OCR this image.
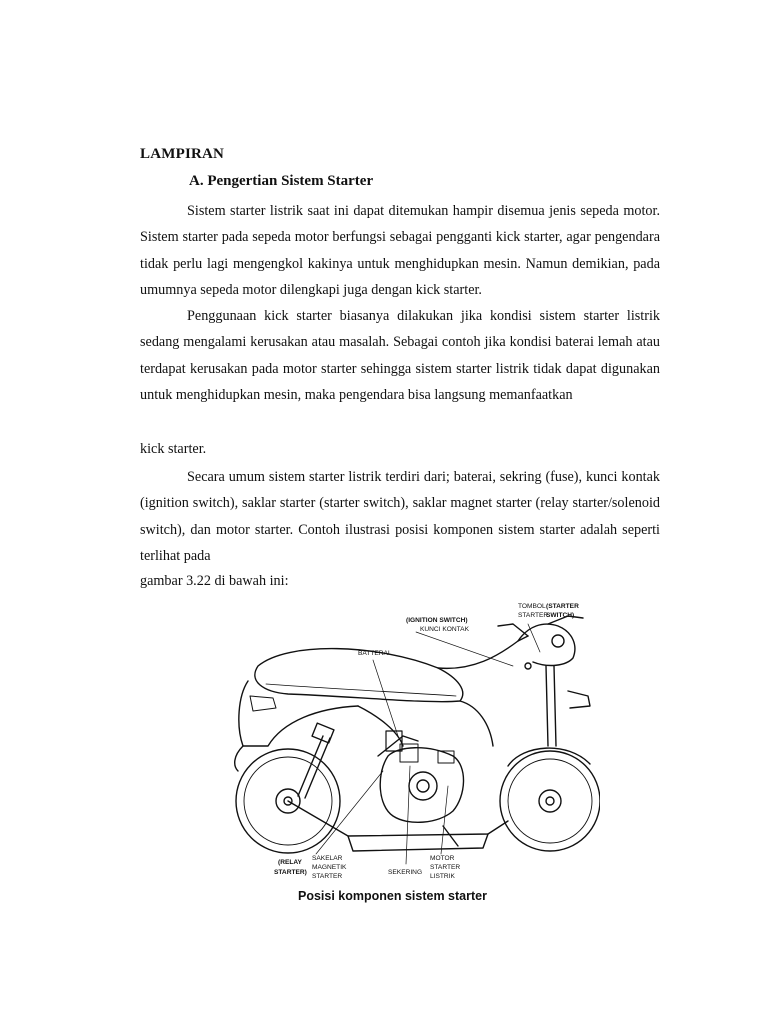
LAMPIRAN
A. Pengertian Sistem Starter
Sistem starter listrik saat ini dapat ditemukan hampir disemua jenis sepeda motor. Sistem starter pada sepeda motor berfungsi sebagai pengganti kick starter, agar pengendara tidak perlu lagi mengengkol kakinya untuk menghidupkan mesin. Namun demikian, pada umumnya sepeda motor dilengkapi juga dengan kick starter.
Penggunaan kick starter biasanya dilakukan jika kondisi sistem starter listrik sedang mengalami kerusakan atau masalah. Sebagai contoh jika kondisi baterai lemah atau terdapat kerusakan pada motor starter sehingga sistem starter listrik tidak dapat digunakan untuk menghidupkan mesin, maka pengendara bisa langsung memanfaatkan
kick starter.
Secara umum sistem starter listrik terdiri dari; baterai, sekring (fuse), kunci kontak (ignition switch), saklar starter (starter switch), saklar magnet starter (relay starter/solenoid switch), dan motor starter. Contoh ilustrasi posisi komponen sistem starter adalah seperti terlihat pada
gambar 3.22 di bawah ini:
TOMBOL (STARTER
STARTER
SWITCH)
(IGNITION SWITCH)
KUNCI KONTAK
BATTERAI
(RELAY
STARTER)
SAKELAR
MAGNETIK
STARTER
SEKERING
MOTOR
STARTER
LISTRIK
Posisi komponen sistem starter
